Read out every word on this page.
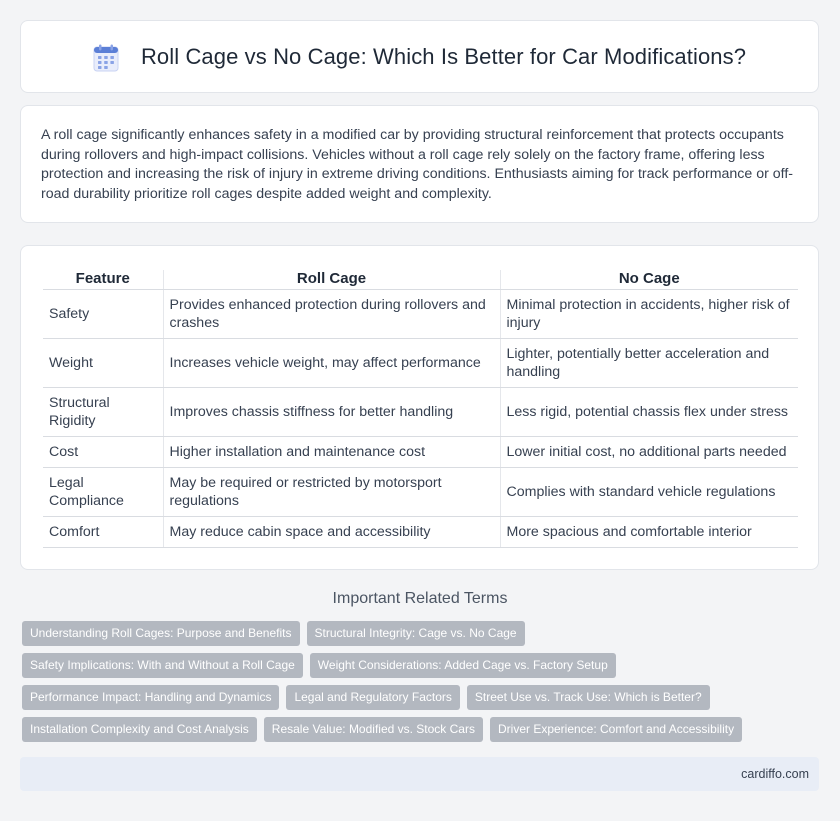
Roll Cage vs No Cage: Which Is Better for Car Modifications?

A roll cage significantly enhances safety in a modified car by providing structural reinforcement that protects occupants during rollovers and high-impact collisions. Vehicles without a roll cage rely solely on the factory frame, offering less protection and increasing the risk of injury in extreme driving conditions. Enthusiasts aiming for track performance or off-road durability prioritize roll cages despite added weight and complexity.

Feature	Roll Cage	No Cage
Safety	Provides enhanced protection during rollovers and crashes	Minimal protection in accidents, higher risk of injury
Weight	Increases vehicle weight, may affect performance	Lighter, potentially better acceleration and handling
Structural Rigidity	Improves chassis stiffness for better handling	Less rigid, potential chassis flex under stress
Cost	Higher installation and maintenance cost	Lower initial cost, no additional parts needed
Legal Compliance	May be required or restricted by motorsport regulations	Complies with standard vehicle regulations
Comfort	May reduce cabin space and accessibility	More spacious and comfortable interior
Important Related Terms
Understanding Roll Cages: Purpose and Benefits	Structural Integrity: Cage vs. No Cage
Safety Implications: With and Without a Roll Cage	Weight Considerations: Added Cage vs. Factory Setup
Performance Impact: Handling and Dynamics	Legal and Regulatory Factors	Street Use vs. Track Use: Which is Better?
Installation Complexity and Cost Analysis	Resale Value: Modified vs. Stock Cars	Driver Experience: Comfort and Accessibility
cardiffo.com
